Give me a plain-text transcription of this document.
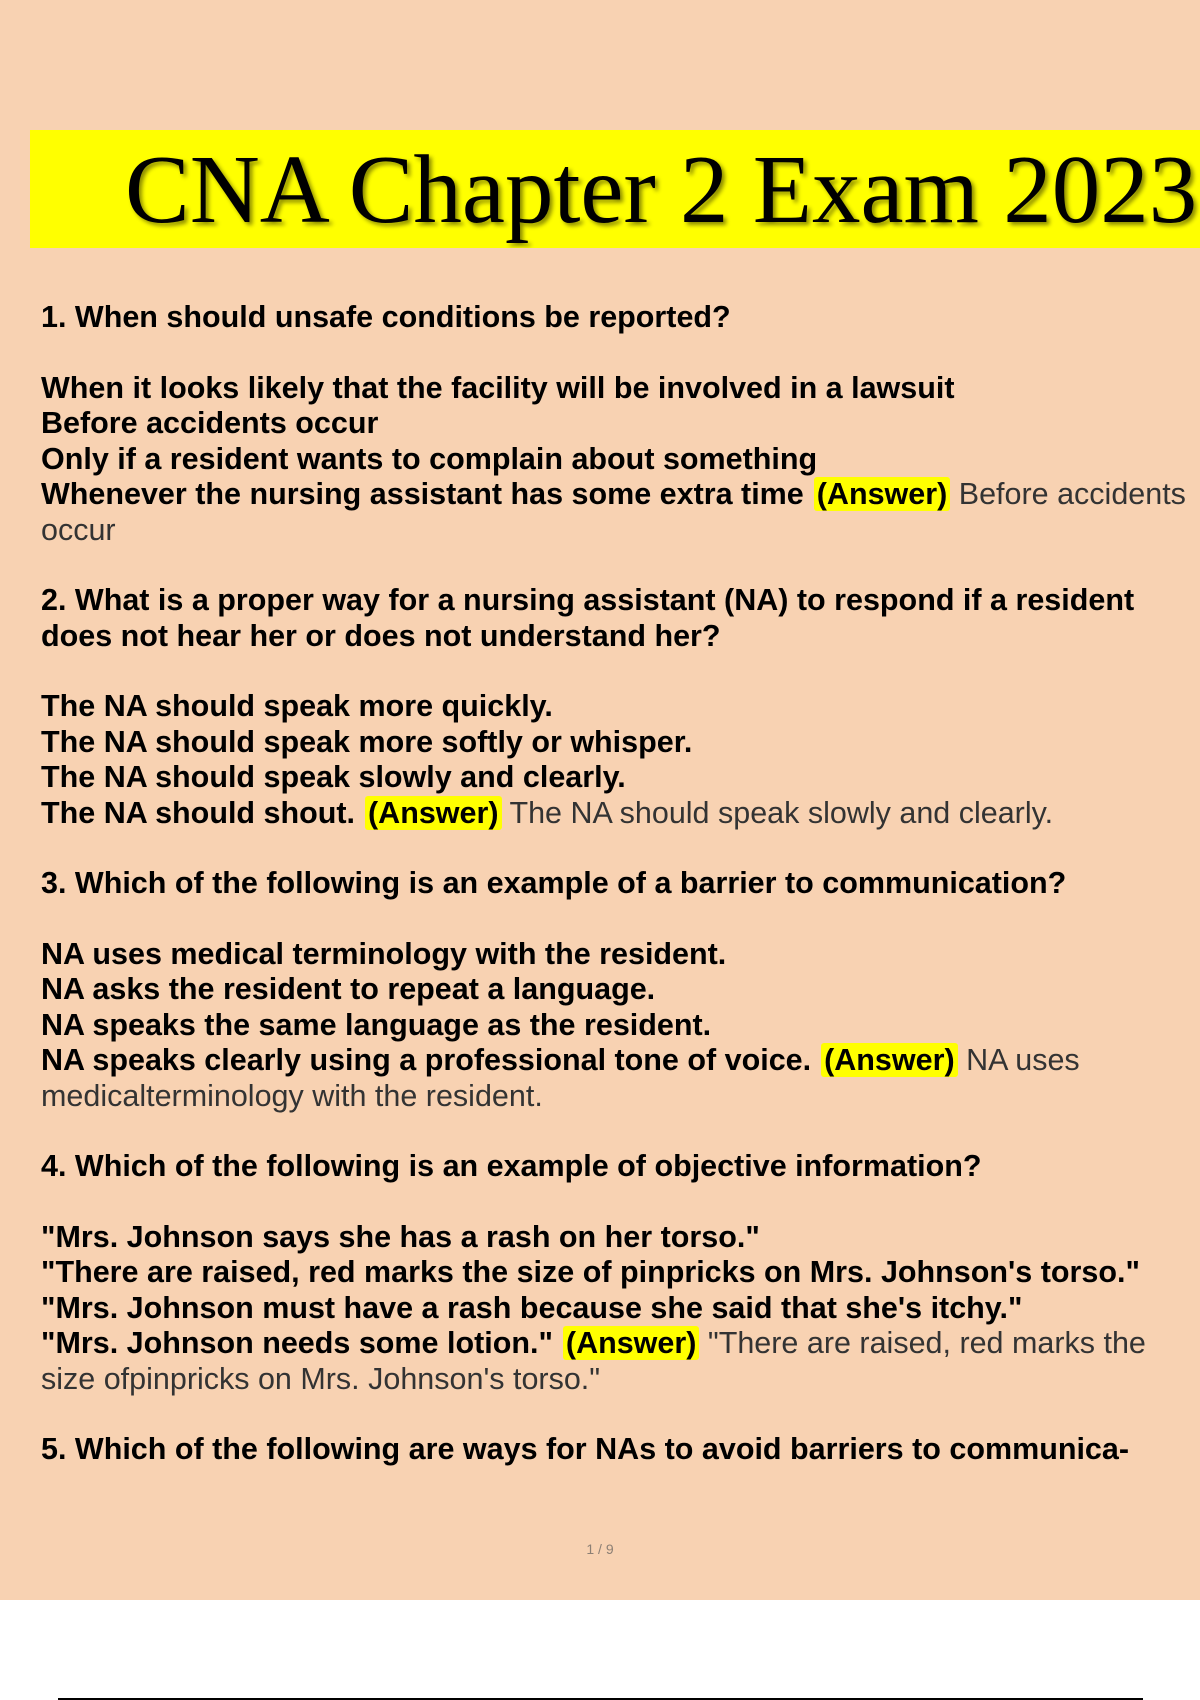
CNA Chapter 2 Exam 2023
1. When should unsafe conditions be reported?
When it looks likely that the facility will be involved in a lawsuit
Before accidents occur
Only if a resident wants to complain about something
Whenever the nursing assistant has some extra time (Answer) Before accidents occur
2. What is a proper way for a nursing assistant (NA) to respond if a resident does not hear her or does not understand her?
The NA should speak more quickly.
The NA should speak more softly or whisper.
The NA should speak slowly and clearly.
The NA should shout. (Answer) The NA should speak slowly and clearly.
3. Which of the following is an example of a barrier to communication?
NA uses medical terminology with the resident.
NA asks the resident to repeat a language.
NA speaks the same language as the resident.
NA speaks clearly using a professional tone of voice. (Answer) NA uses medicalterminology with the resident.
4. Which of the following is an example of objective information?
"Mrs. Johnson says she has a rash on her torso."
"There are raised, red marks the size of pinpricks on Mrs. Johnson's torso."
"Mrs. Johnson must have a rash because she said that she's itchy."
"Mrs. Johnson needs some lotion." (Answer) "There are raised, red marks the size ofpinpricks on Mrs. Johnson's torso."
5. Which of the following are ways for NAs to avoid barriers to communica-
1 / 9
